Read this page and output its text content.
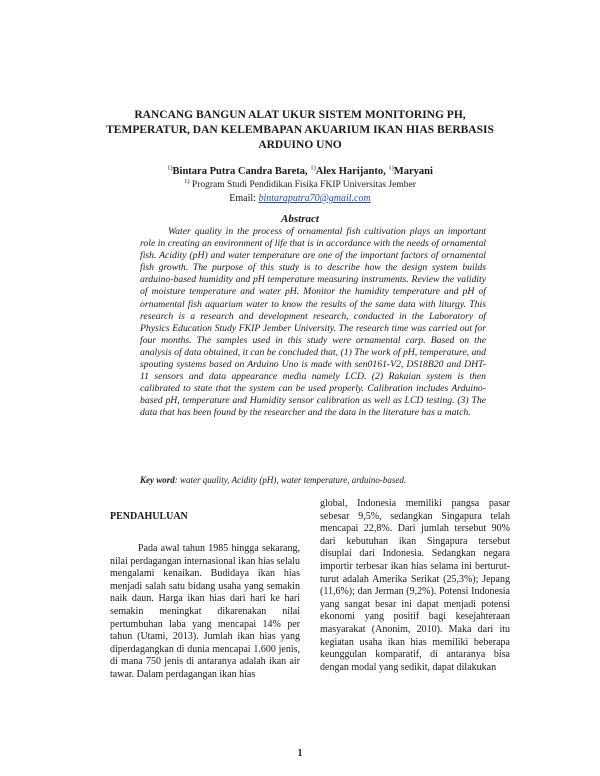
RANCANG BANGUN ALAT UKUR SISTEM MONITORING PH, TEMPERATUR, DAN KELEMBAPAN AKUARIUM IKAN HIAS BERBASIS ARDUINO UNO
$^{1)}$Bintara Putra Candra Bareta, $^{1)}$Alex Harijanto, $^{1)}$Maryani
$^{1)}$ Program Studi Pendidikan Fisika FKIP Universitas Jember
Email: bintaraputra70@gmail.com
Abstract

Water quality in the process of ornamental fish cultivation plays an important role in creating an environment of life that is in accordance with the needs of ornamental fish. Acidity (pH) and water temperature are one of the important factors of ornamental fish growth. The purpose of this study is to describe how the design system builds arduino-based humidity and pH temperature measuring instruments. Review the validity of moisture temperature and water pH. Monitor the humidity temperature and pH of ornamental fish aquarium water to know the results of the same data with liturgy. This research is a research and development research, conducted in the Laboratory of Physics Education Study FKIP Jember University. The research time was carried out for four months. The samples used in this study were ornamental carp. Based on the analysis of data obtained, it can be concluded that, (1) The work of pH, temperature, and spouting systems based on Arduino Uno is made with sen0161-V2, DS18B20 and DHT-11 sensors and data appearance media namely LCD. (2) Rakaian system is then calibrated to state that the system can be used properly. Calibration includes Arduino-based pH, temperature and Humidity sensor calibration as well as LCD testing. (3) The data that has been found by the researcher and the data in the literature has a match.

Key word: water quality, Acidity (pH), water temperature, arduino-based.
PENDAHULUAN

Pada awal tahun 1985 hingga sekarang, nilai perdagangan internasional ikan hias selalu mengalami kenaikan. Budidaya ikan hias menjadi salah satu bidang usaha yang semakin naik daun. Harga ikan hias dari hari ke hari semakin meningkat dikarenakan nilai pertumbuhan laba yang mencapai 14% per tahun (Utami, 2013). Jumlah ikan hias yang diperdagangkan di dunia mencapai 1.600 jenis, di mana 750 jenis di antaranya adalah ikan air tawar. Dalam perdagangan ikan hias

global, Indonesia memiliki pangsa pasar sebesar 9,5%, sedangkan Singapura telah mencapai 22,8%. Dari jumlah tersebut 90% dari kebutuhan ikan Singapura tersebut disuplai dari Indonesia. Sedangkan negara importir terbesar ikan hias selama ini berturut-turut adalah Amerika Serikat (25,3%); Jepang (11,6%); dan Jerman (9,2%). Potensi Indonesia yang sangat besar ini dapat menjadi potensi ekonomi yang positif bagi kesejahteraan masyarakat (Anonim, 2010). Maka dari itu kegiatan usaha ikan hias memiliki beberapa keunggulan komparatif, di antaranya bisa dengan modal yang sedikit, dapat dilakukan

1
